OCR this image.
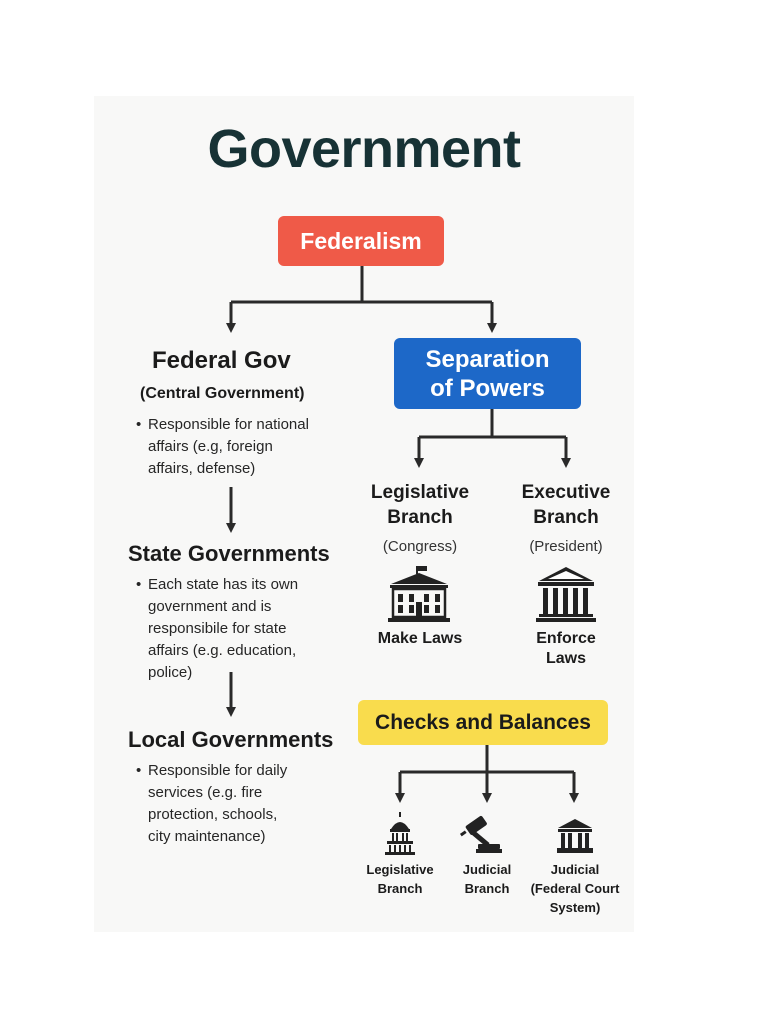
Government
Federalism
Separation
of Powers
Federal Gov
(Central Government)
• Responsible for national
affairs (e.g, foreign
affairs, defense)
State Governments
• Each state has its own
government and is
responsibile for state
affairs (e.g. education,
police)
Local Governments
• Responsible for daily
services (e.g. fire
protection, schools,
city maintenance)
Legislative
Branch
(Congress)
Make Laws
Executive
Branch
(President)
Enforce
Laws
Checks and Balances
Legislative
Branch
Judicial
Branch
Judicial
(Federal Court
System)
